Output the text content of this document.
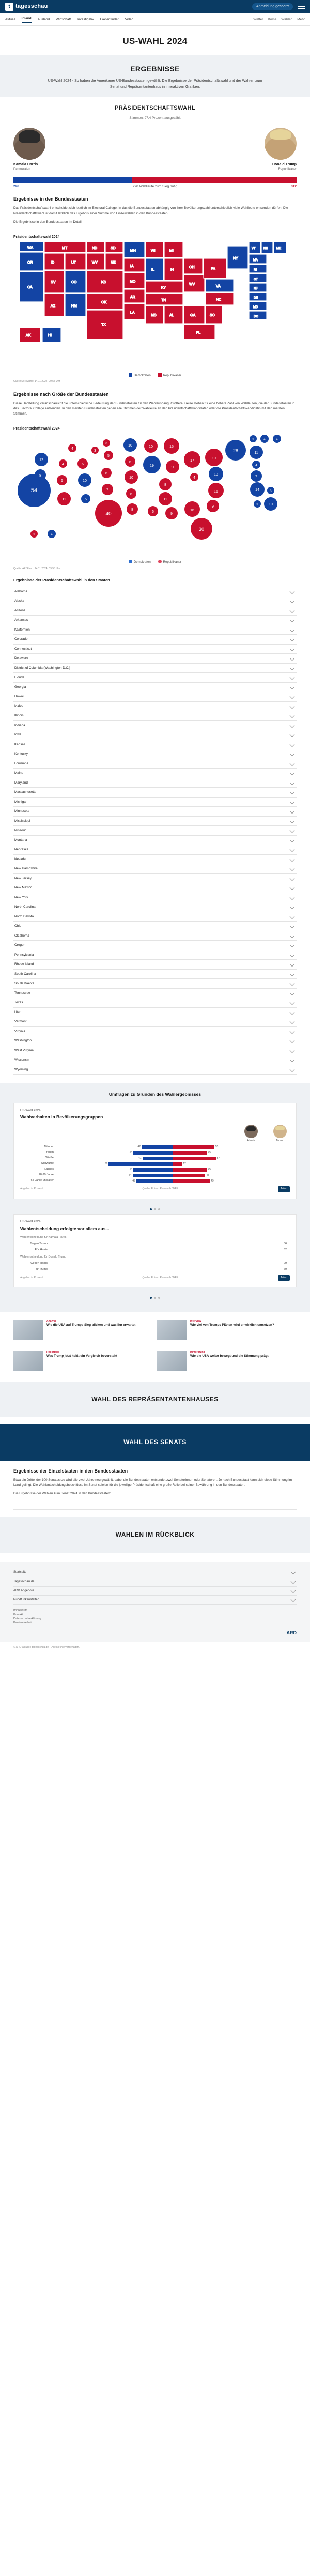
t tagesschau	Anmeldung gesperrt
Aktuell Inland Ausland Wirtschaft Investigativ Faktenfinder Video	Wetter Börse Wahlen Mehr
US-WAHL 2024
ERGEBNISSE

US-Wahl 2024 - So haben die Amerikaner US-Bundesstaaten gewählt: Die Ergebnisse der Präsidentschaftswahl und der Wahlen zum Senat und Repräsentantenhaus in interaktiven Grafiken.

PRÄSIDENTSCHAFTSWAHL
Stimmen: 97,4 Prozent ausgezählt
Kamala Harris
Demokraten
Donald Trump
Republikaner
226	270 Wahlleute zum Sieg nötig	312
Ergebnisse in den Bundesstaaten

Das Präsidentschaftswahl entscheidet sich letztlich im Electoral College. In das die Bundesstaaten abhängig von ihrer Bevölkerungszahl unterschiedlich viele Wahlleute entsenden dürfen. Die Präsidentschaftswahl ist damit letztlich das Ergebnis einer Summe von Einzelwahlen in den Bundesstaaten.

Die Ergebnisse in den Bundesstaaten im Detail:

Präsidentschaftswahl 2024
CA
OR
WA
NV
AZ	NM
CO
ID	UT
MT
WY
ND	SD
NE
KS
OK
TX
MN
IA
MO
AR
LA
WI
IL
MI
IN
OH
KY
TN
MS	AL	GA
FL
SC
NC
VA
WV
PA
NY
VT	NH	ME
MA
RI
CT
NJ
DE
MD
DC
AK	HI
Demokraten	Republikaner
Quelle: AP/Stand: 14.11.2024, 09:55 Uhr
Ergebnisse nach Größe der Bundesstaaten

Diese Darstellung veranschaulicht die unterschiedliche Bedeutung der Bundesstaaten für den Wahlausgang: Größere Kreise stehen für eine höhere Zahl von Wahlleuten, die der Bundesstaaten in das Electoral College entsenden. In den meisten Bundesstaaten gehen alle Stimmen der Wahlleute an den Präsidentschaftskandidaten oder die Präsidentschaftskandidatin mit den meisten Stimmen.

Präsidentschaftswahl 2024
54
12
8
6
11	5
10
4	6
4
3
3
5
6
7
40
10
6
10
6
8
10
19
15
11
17
8
11
6
9
16
30
9
16
13
4
19
28
3	4	4
11
4
7
14
3	10
3
3	4
Demokraten	Republikaner
Quelle: AP/Stand: 14.11.2024, 09:55 Uhr
Ergebnisse der Präsidentschaftswahl in den Staaten
Alabama
Alaska
Arizona
Arkansas
Kalifornien
Colorado
Connecticut
Delaware
District of Columbia (Washington D.C.)
Florida
Georgia
Hawaii
Idaho
Illinois
Indiana
Iowa
Kansas
Kentucky
Louisiana
Maine
Maryland
Massachusetts
Michigan
Minnesota
Mississippi
Missouri
Montana
Nebraska
Nevada
New Hampshire
New Jersey
New Mexico
New York
North Carolina
North Dakota
Ohio
Oklahoma
Oregon
Pennsylvania
Rhode Island
South Carolina
South Dakota
Tennessee
Texas
Utah
Vermont
Virginia
Washington
West Virginia
Wisconsin
Wyoming
Umfragen zu Gründen des Wahlergebnisses
US-Wahl 2024
Wahlverhalten in Bevölkerungsgruppen
Harris	Trump
Männer	42	55
Frauen	53	45
Weiße	41	57
Schwarze	86	12
Latinos	53	45
18-29 Jahre	54	43
65 Jahre und älter	49	49
Angaben in Prozent	Quelle: Edison Research / NEP	Teilen
US-Wahl 2024
Wahlentscheidung erfolgte vor allem aus...
Wahlentscheidung für Kamala Harris
Gegen Trump	36
Für Harris	62
Wahlentscheidung für Donald Trump
Gegen Harris	29
Für Trump	69
Angaben in Prozent	Quelle: Edison Research / NEP	Teilen
Analyse
Wie die USA auf Trumps Sieg blicken und was ihn erwartet
Interview
Wie viel von Trumps Plänen wird er wirklich umsetzen?
Reportage
Was Trump jetzt heißt ein Vergleich bevorsteht
Hintergrund
Wie die USA weiter bewegt und die Stimmung prägt
WAHL DES REPRÄSENTANTENHAUSES
WAHL DES SENATS
Ergebnisse der Einzelstaaten in den Bundesstaaten

Etwa ein Drittel der 100 Senatssitze wird alle zwei Jahre neu gewählt, dabei die Bundesstaaten entsendet zwei Senatorinnen oder Senatoren. Je nach Bundesstaat kann sich diese Stimmung im Land gelingt. Die Wahlentscheidungsbeschlüsse im Senat spielen für die jeweilige Präsidentschaft eine große Rolle bei seiner Bewährung in den Bundesstaaten.

Die Ergebnisse der Wahlen zum Senat 2024 in den Bundesstaaten:

WAHLEN IM RÜCKBLICK
Startseite
Tagesschau de
ARD Angebote
Rundfunkanstalten
Impressum
Kontakt
Datenschutzerklärung
Barrierefreiheit
ARD
© ARD-aktuell / tagesschau.de – Alle Rechte vorbehalten.
